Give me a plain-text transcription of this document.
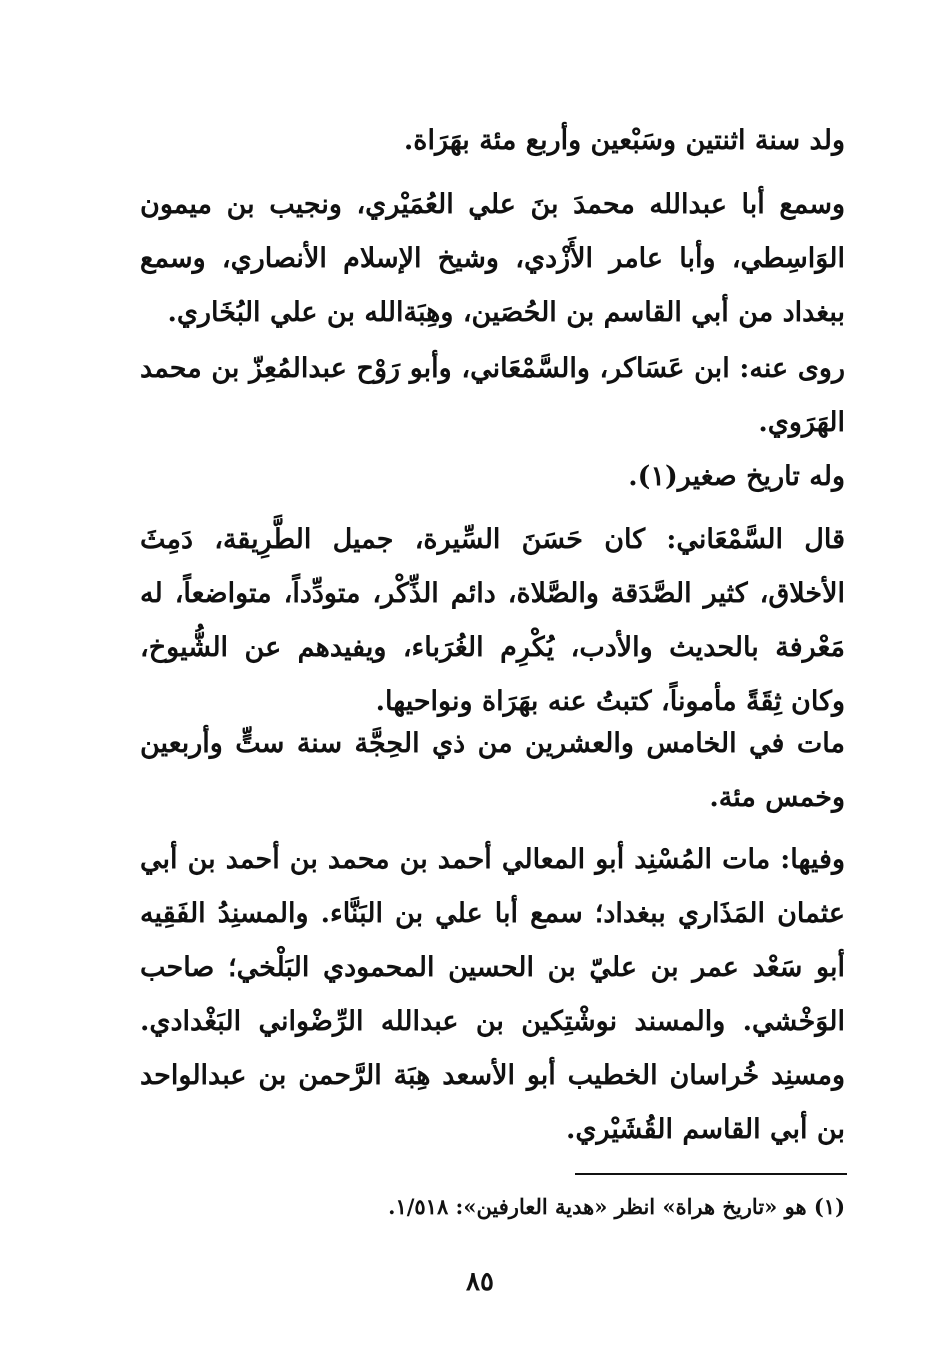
ولد سنة اثنتين وسَبْعين وأربع مئة بهَرَاة.
وسمع أبا عبدالله محمدَ بنَ علي العُمَيْري، ونجيب بن ميمون الوَاسِطي، وأبا عامر الأَزْدي، وشيخ الإسلام الأنصاري، وسمع ببغداد من أبي القاسم بن الحُصَين، وهِبَةالله بن علي البُخَاري.
روى عنه: ابن عَسَاكر، والسَّمْعَاني، وأبو رَوْح عبدالمُعِزّ بن محمد الهَرَوي.
وله تاريخ صغير(١).
قال السَّمْعَاني: كان حَسَنَ السِّيرة، جميل الطَّرِيقة، دَمِثَ الأخلاق، كثير الصَّدَقة والصَّلاة، دائم الذِّكْر، متودِّداً، متواضعاً، له مَعْرفة بالحديث والأدب، يُكْرِم الغُرَباء، ويفيدهم عن الشُّيوخ، وكان ثِقَةً مأموناً، كتبتُ عنه بهَرَاة ونواحيها.
مات في الخامس والعشرين من ذي الحِجَّة سنة ستٍّ وأربعين وخمس مئة.
وفيها: مات المُسْنِد أبو المعالي أحمد بن محمد بن أحمد بن أبي عثمان المَذَاري ببغداد؛ سمع أبا علي بن البَنَّاء. والمسنِدُ الفَقِيه أبو سَعْد عمر بن عليّ بن الحسين المحمودي البَلْخي؛ صاحب الوَخْشي. والمسند نوشْتِكين بن عبدالله الرِّضْواني البَغْدادي. ومسنِد خُراسان الخطيب أبو الأسعد هِبَة الرَّحمن بن عبدالواحد بن أبي القاسم القُشَيْري.
(١) هو «تاريخ هراة» انظر «هدية العارفين»: ١/٥١٨.
٨٥
